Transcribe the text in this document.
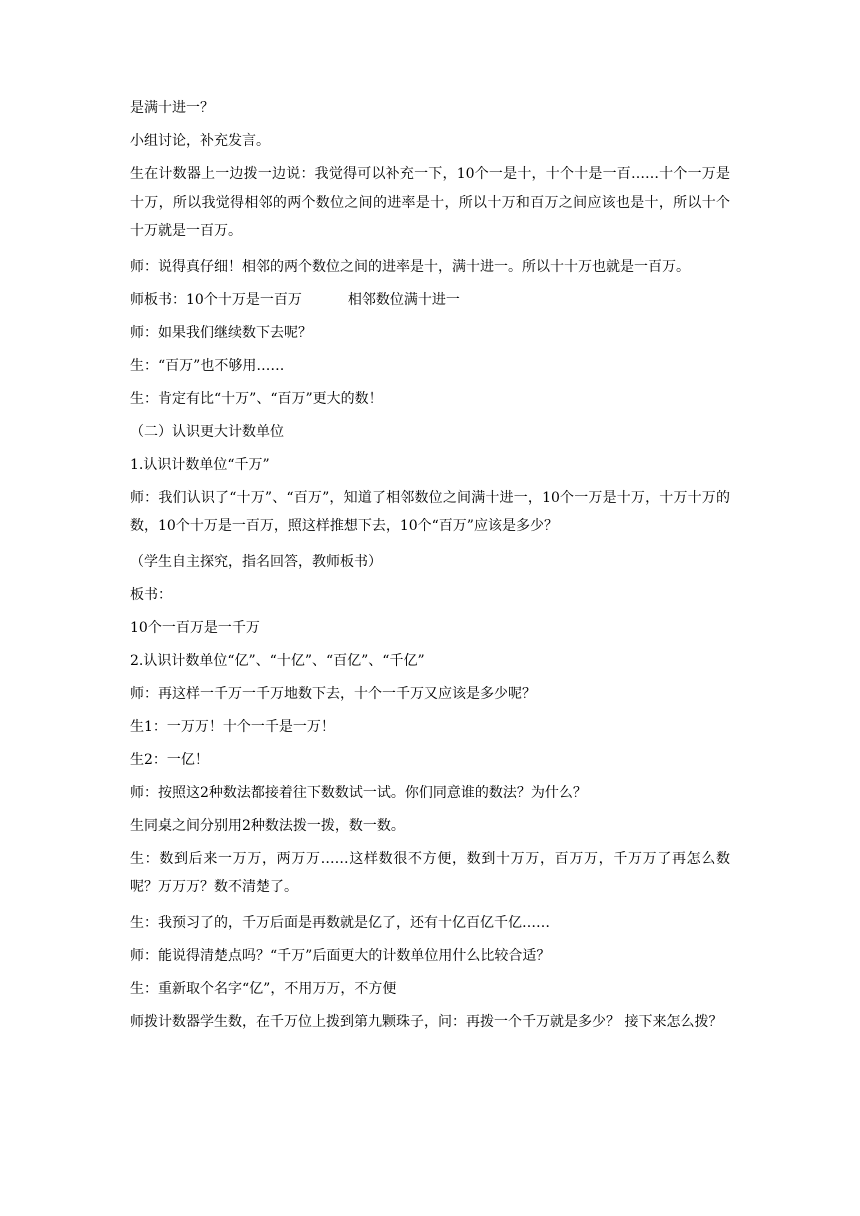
是满十进一？

小组讨论，补充发言。

生在计数器上一边拨一边说：我觉得可以补充一下，10个一是十，十个十是一百……十个一万是十万，所以我觉得相邻的两个数位之间的进率是十，所以十万和百万之间应该也是十，所以十个十万就是一百万。

师：说得真仔细！相邻的两个数位之间的进率是十，满十进一。所以十十万也就是一百万。

师板书：10个十万是一百万	相邻数位满十进一

师：如果我们继续数下去呢？

生：“百万”也不够用……

生：肯定有比“十万”、“百万”更大的数！

（二）认识更大计数单位

1.认识计数单位“千万”

师：我们认识了“十万”、“百万”，知道了相邻数位之间满十进一，10个一万是十万，十万十万的数，10个十万是一百万，照这样推想下去，10个“百万”应该是多少？

（学生自主探究，指名回答，教师板书）

板书：

10个一百万是一千万

2.认识计数单位“亿”、“十亿”、“百亿”、“千亿”

师：再这样一千万一千万地数下去，十个一千万又应该是多少呢？

生1：一万万！十个一千是一万！

生2：一亿！

师：按照这2种数法都接着往下数数试一试。你们同意谁的数法？为什么？

生同桌之间分别用2种数法拨一拨，数一数。

生：数到后来一万万，两万万……这样数很不方便，数到十万万，百万万，千万万了再怎么数呢？万万万？数不清楚了。

生：我预习了的，千万后面是再数就是亿了，还有十亿百亿千亿……

师：能说得清楚点吗？“千万”后面更大的计数单位用什么比较合适？

生：重新取个名字“亿”，不用万万，不方便

师拨计数器学生数，在千万位上拨到第九颗珠子，问：再拨一个千万就是多少？ 接下来怎么拨？
